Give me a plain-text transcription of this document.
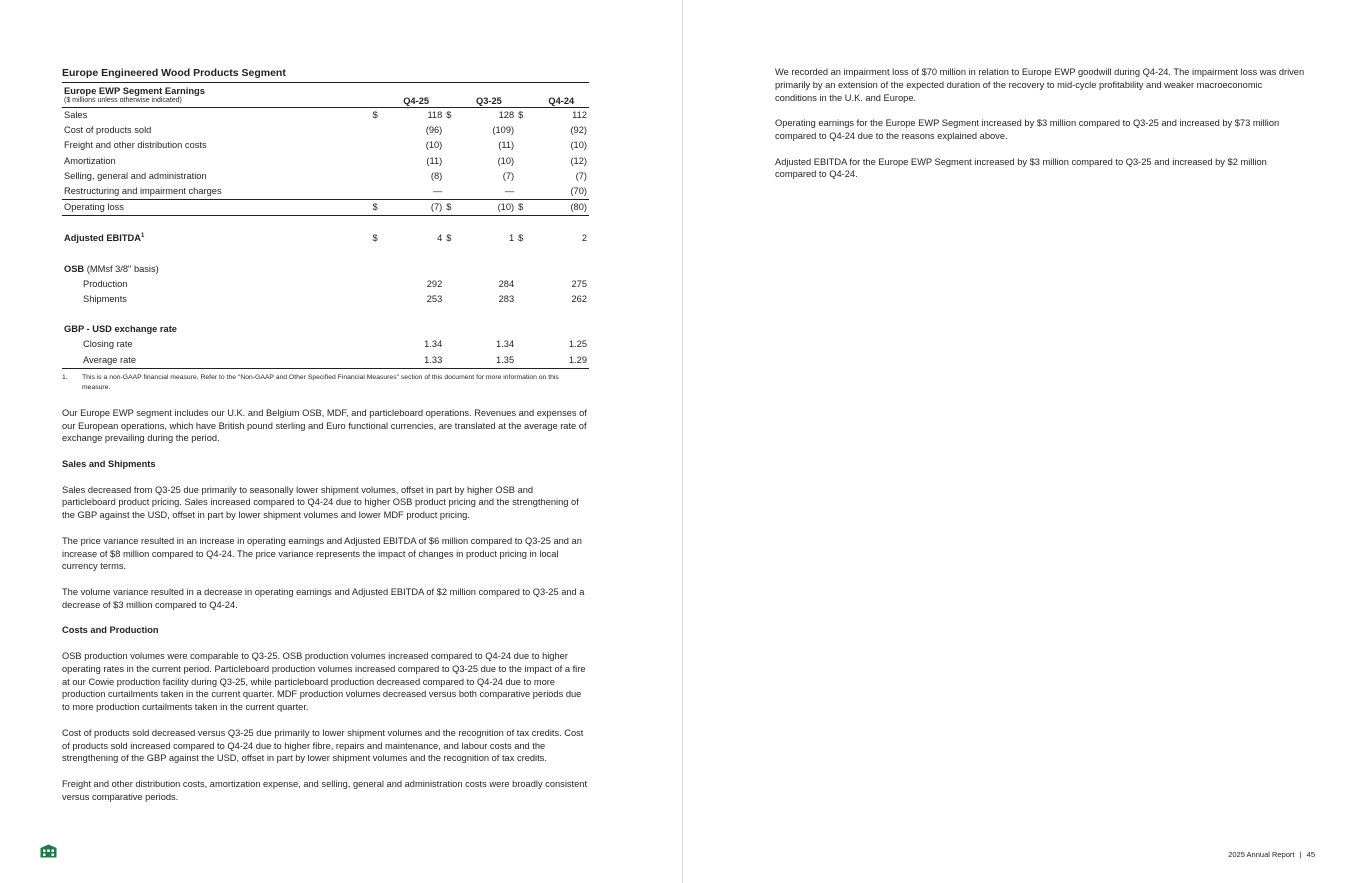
Europe Engineered Wood Products Segment
Europe EWP Segment Earnings
($ millions unless otherwise indicated)		Q4-25		Q3-25		Q4-24
Sales	$	118	$	128	$	112
Cost of products sold		(96)		(109)		(92)
Freight and other distribution costs		(10)		(11)		(10)
Amortization		(11)		(10)		(12)
Selling, general and administration		(8)		(7)		(7)
Restructuring and impairment charges		—		—		(70)
Operating loss	$	(7)	$	(10)	$	(80)

Adjusted EBITDA$^1$	$	4	$	1	$	2

OSB (MMsf 3/8" basis)						
Production		292		284		275
Shipments		253		283		262

GBP - USD exchange rate						
Closing rate		1.34		1.34		1.25
Average rate		1.33		1.35		1.29
1.	This is a non-GAAP financial measure. Refer to the "Non-GAAP and Other Specified Financial Measures" section of this document for more information on this measure.

Our Europe EWP segment includes our U.K. and Belgium OSB, MDF, and particleboard operations. Revenues and expenses of our European operations, which have British pound sterling and Euro functional currencies, are translated at the average rate of exchange prevailing during the period.

Sales and Shipments

Sales decreased from Q3-25 due primarily to seasonally lower shipment volumes, offset in part by higher OSB and particleboard product pricing. Sales increased compared to Q4-24 due to higher OSB product pricing and the strengthening of the GBP against the USD, offset in part by lower shipment volumes and lower MDF product pricing.

The price variance resulted in an increase in operating earnings and Adjusted EBITDA of $6 million compared to Q3-25 and an increase of $8 million compared to Q4-24. The price variance represents the impact of changes in product pricing in local currency terms.

The volume variance resulted in a decrease in operating earnings and Adjusted EBITDA of $2 million compared to Q3-25 and a decrease of $3 million compared to Q4-24.

Costs and Production

OSB production volumes were comparable to Q3-25. OSB production volumes increased compared to Q4-24 due to higher operating rates in the current period. Particleboard production volumes increased compared to Q3-25 due to the impact of a fire at our Cowie production facility during Q3-25, while particleboard production decreased compared to Q4-24 due to more production curtailments taken in the current quarter. MDF production volumes decreased versus both comparative periods due to more production curtailments taken in the current quarter.

Cost of products sold decreased versus Q3-25 due primarily to lower shipment volumes and the recognition of tax credits. Cost of products sold increased compared to Q4-24 due to higher fibre, repairs and maintenance, and labour costs and the strengthening of the GBP against the USD, offset in part by lower shipment volumes and the recognition of tax credits.

Freight and other distribution costs, amortization expense, and selling, general and administration costs were broadly consistent versus comparative periods.

We recorded an impairment loss of $70 million in relation to Europe EWP goodwill during Q4-24. The impairment loss was driven primarily by an extension of the expected duration of the recovery to mid-cycle profitability and weaker macroeconomic conditions in the U.K. and Europe.

Operating earnings for the Europe EWP Segment increased by $3 million compared to Q3-25 and increased by $73 million compared to Q4-24 due to the reasons explained above.

Adjusted EBITDA for the Europe EWP Segment increased by $3 million compared to Q3-25 and increased by $2 million compared to Q4-24.

2025 Annual Report | 45
